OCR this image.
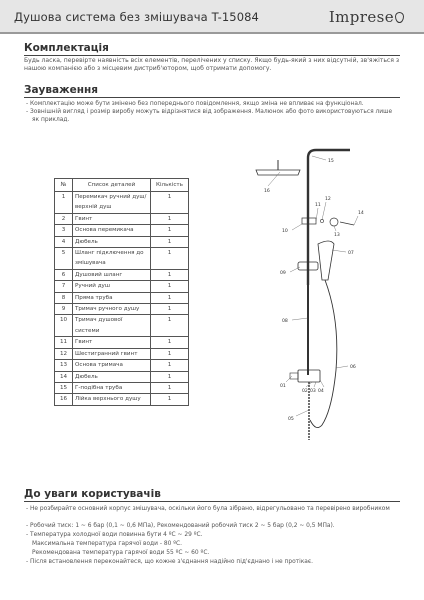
Душова система без змішувача T-15084	Imprese
Комплектація
Будь ласка, перевірте наявність всіх елементів, перелічених у списку. Якщо будь-який з них відсутній, зв'яжіться з нашою компанією або з місцевим дистриб'ютором, щоб отримати допомогу.
Зауваження
- Комплектацію може бути змінено без попереднього повідомлення, якщо зміна не впливає на функціонал.
- Зовнішній вигляд і розмір виробу можуть відрізнятися від зображення. Малюнок або фото використовуються лише як приклад.
№	Список деталей	Кількість
1	Перемикач ручний душ/верхній душ	1
2	Гвинт	1
3	Основа перемикача	1
4	Дюбель	1
5	Шланг підключення до змішувача	1
6	Душовий шланг	1
7	Ручний душ	1
8	Пряма труба	1
9	Тримач ручного душу	1
10	Тримач душової системи	1
11	Гвинт	1
12	Шестигранний гвинт	1
13	Основа тримача	1
14	Дюбель	1
15	Г-подібна труба	1
16	Лійка верхнього душу	1
15
16
12
11
14
13
10
09
07
08
06
01
02 03 04
05
До уваги користувачів
- Не розбирайте основний корпус змішувача, оскільки його була зібрано, відрегульовано та перевірено виробником
- Робочий тиск: 1 ~ 6 бар (0,1 ~ 0,6 МПа), Рекомендований робочий тиск 2 ~ 5 бар (0,2 ~ 0,5 МПа).
- Температура холодної води повинна бути 4 ºC ~ 29 ºC.
Максимальна температура гарячої води - 80 ºC.
Рекомендована температура гарячої води 55 ºC ~ 60 ºC.
- Після встановлення переконайтеся, що кожне з'єднання надійно під'єднано і не протікає.
